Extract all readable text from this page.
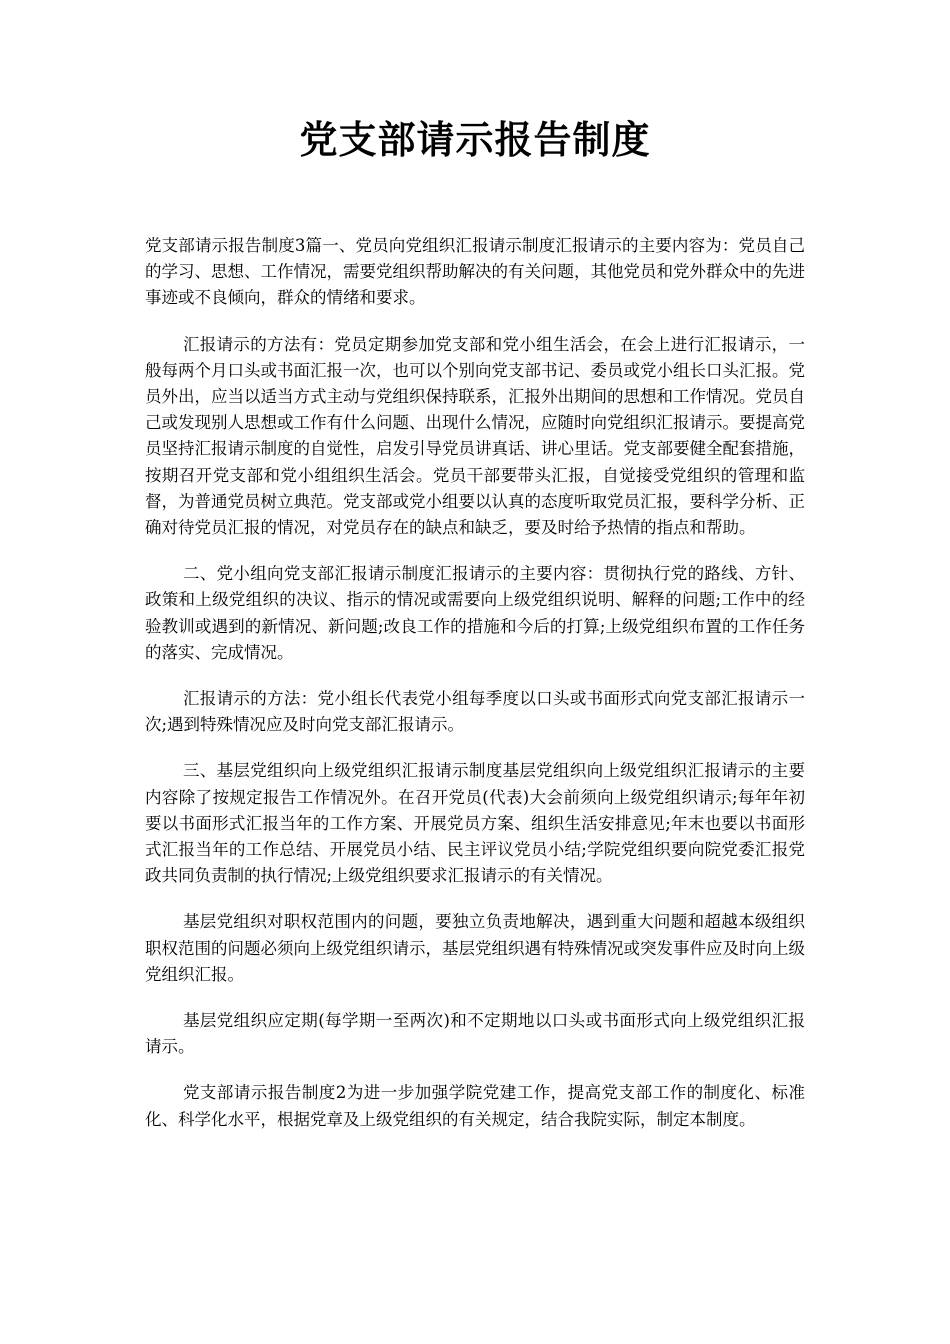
党支部请示报告制度

党支部请示报告制度3篇一、党员向党组织汇报请示制度汇报请示的主要内容为：党员自己的学习、思想、工作情况，需要党组织帮助解决的有关问题，其他党员和党外群众中的先进事迹或不良倾向，群众的情绪和要求。

汇报请示的方法有：党员定期参加党支部和党小组生活会，在会上进行汇报请示，一般每两个月口头或书面汇报一次，也可以个别向党支部书记、委员或党小组长口头汇报。党员外出，应当以适当方式主动与党组织保持联系，汇报外出期间的思想和工作情况。党员自己或发现别人思想或工作有什么问题、出现什么情况，应随时向党组织汇报请示。要提高党员坚持汇报请示制度的自觉性，启发引导党员讲真话、讲心里话。党支部要健全配套措施，按期召开党支部和党小组组织生活会。党员干部要带头汇报，自觉接受党组织的管理和监督，为普通党员树立典范。党支部或党小组要以认真的态度听取党员汇报，要科学分析、正确对待党员汇报的情况，对党员存在的缺点和缺乏，要及时给予热情的指点和帮助。

二、党小组向党支部汇报请示制度汇报请示的主要内容：贯彻执行党的路线、方针、政策和上级党组织的决议、指示的情况或需要向上级党组织说明、解释的问题;工作中的经验教训或遇到的新情况、新问题;改良工作的措施和今后的打算;上级党组织布置的工作任务的落实、完成情况。

汇报请示的方法：党小组长代表党小组每季度以口头或书面形式向党支部汇报请示一次;遇到特殊情况应及时向党支部汇报请示。

三、基层党组织向上级党组织汇报请示制度基层党组织向上级党组织汇报请示的主要内容除了按规定报告工作情况外。在召开党员(代表)大会前须向上级党组织请示;每年年初要以书面形式汇报当年的工作方案、开展党员方案、组织生活安排意见;年末也要以书面形式汇报当年的工作总结、开展党员小结、民主评议党员小结;学院党组织要向院党委汇报党政共同负责制的执行情况;上级党组织要求汇报请示的有关情况。

基层党组织对职权范围内的问题，要独立负责地解决，遇到重大问题和超越本级组织职权范围的问题必须向上级党组织请示，基层党组织遇有特殊情况或突发事件应及时向上级党组织汇报。

基层党组织应定期(每学期一至两次)和不定期地以口头或书面形式向上级党组织汇报请示。

党支部请示报告制度2为进一步加强学院党建工作，提高党支部工作的制度化、标准化、科学化水平，根据党章及上级党组织的有关规定，结合我院实际，制定本制度。
